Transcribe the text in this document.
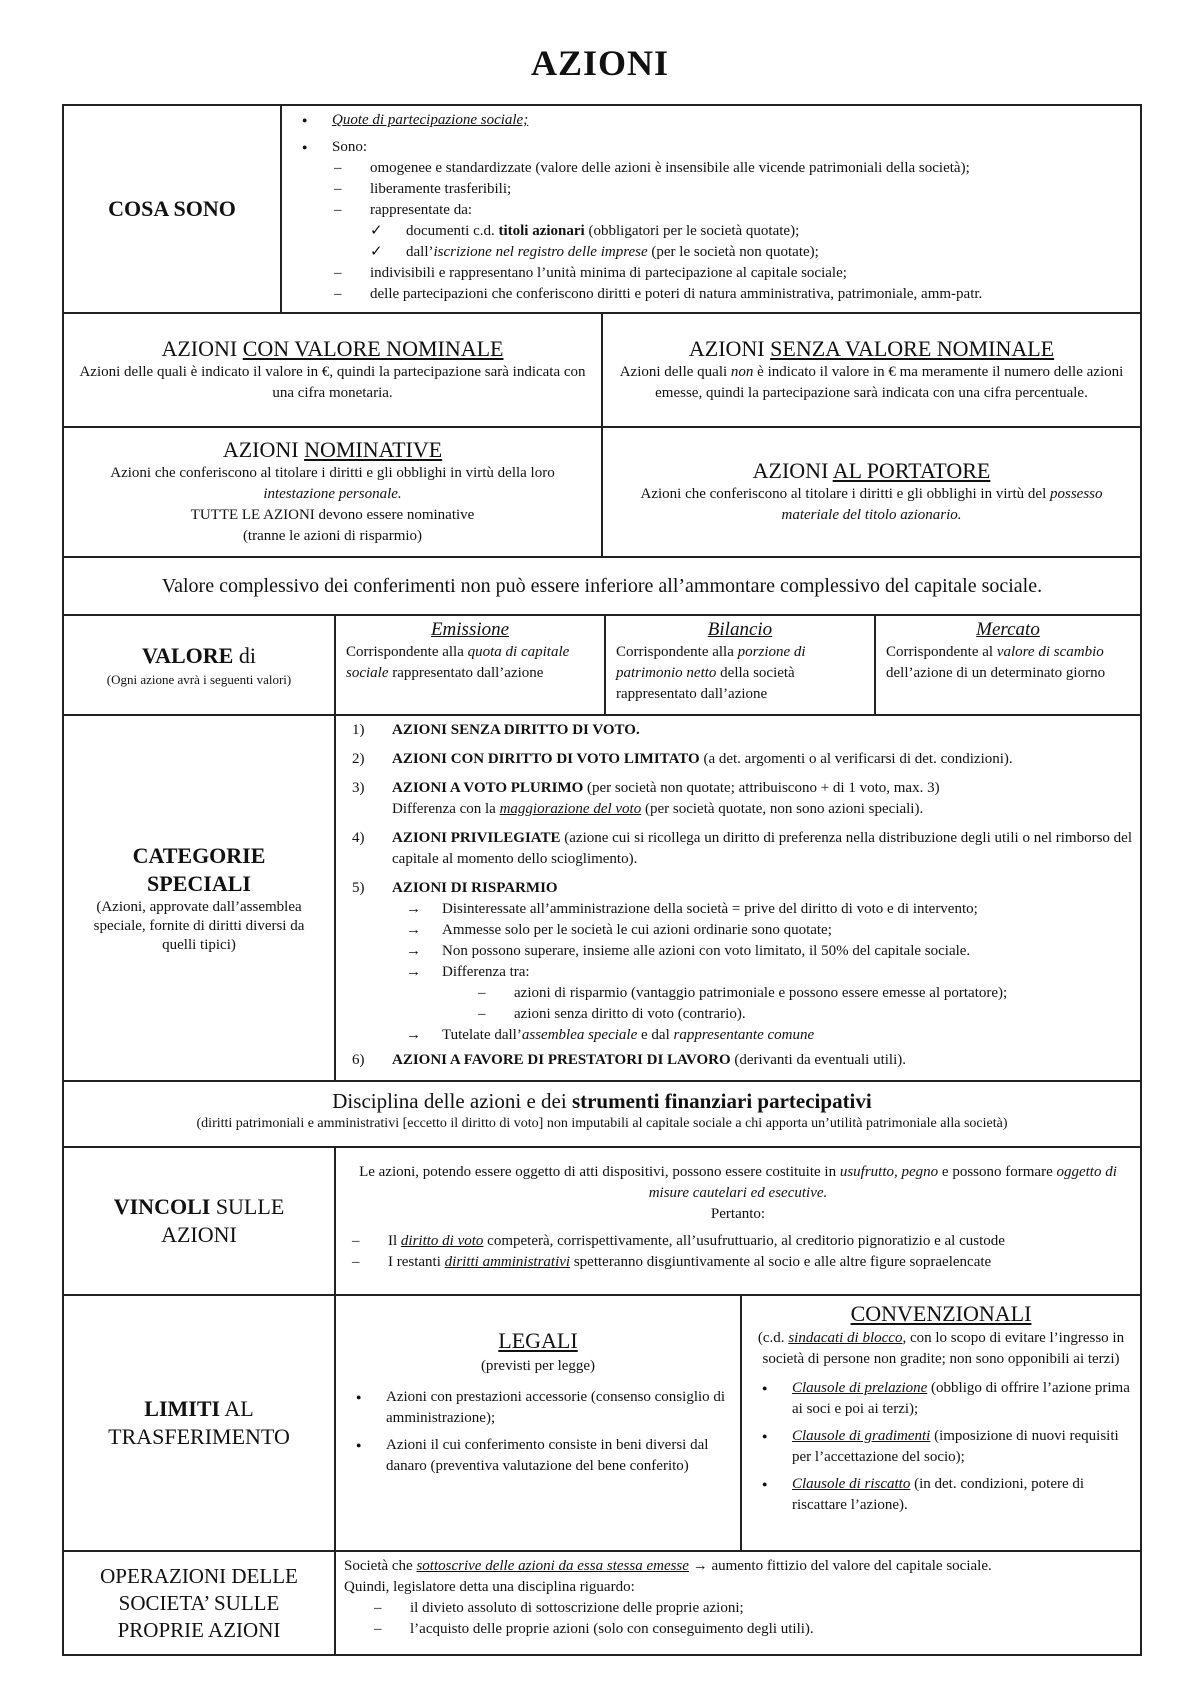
AZIONI
COSA SONO
● Quote di partecipazione sociale;
● Sono:
– omogenee e standardizzate (valore delle azioni è insensibile alle vicende patrimoniali della società);
– liberamente trasferibili;
– rappresentate da:
✓ documenti c.d. titoli azionari (obbligatori per le società quotate);
✓ dall’iscrizione nel registro delle imprese (per le società non quotate);
– indivisibili e rappresentano l’unità minima di partecipazione al capitale sociale;
– delle partecipazioni che conferiscono diritti e poteri di natura amministrativa, patrimoniale, amm-patr.
AZIONI CON VALORE NOMINALE
Azioni delle quali è indicato il valore in €, quindi la partecipazione sarà indicata con una cifra monetaria.
AZIONI SENZA VALORE NOMINALE
Azioni delle quali non è indicato il valore in € ma meramente il numero delle azioni emesse, quindi la partecipazione sarà indicata con una cifra percentuale.
AZIONI NOMINATIVE
Azioni che conferiscono al titolare i diritti e gli obblighi in virtù della loro intestazione personale.
TUTTE LE AZIONI devono essere nominative
(tranne le azioni di risparmio)
AZIONI AL PORTATORE
Azioni che conferiscono al titolare i diritti e gli obblighi in virtù del possesso materiale del titolo azionario.
Valore complessivo dei conferimenti non può essere inferiore all’ammontare complessivo del capitale sociale.
VALORE di
(Ogni azione avrà i seguenti valori)
Emissione
Corrispondente alla quota di capitale sociale rappresentato dall’azione
Bilancio
Corrispondente alla porzione di patrimonio netto della società rappresentato dall’azione
Mercato
Corrispondente al valore di scambio dell’azione di un determinato giorno
CATEGORIE SPECIALI
(Azioni, approvate dall’assemblea speciale, fornite di diritti diversi da quelli tipici)
1) AZIONI SENZA DIRITTO DI VOTO.
2) AZIONI CON DIRITTO DI VOTO LIMITATO (a det. argomenti o al verificarsi di det. condizioni).
3) AZIONI A VOTO PLURIMO (per società non quotate; attribuiscono + di 1 voto, max. 3)
Differenza con la maggiorazione del voto (per società quotate, non sono azioni speciali).
4) AZIONI PRIVILEGIATE (azione cui si ricollega un diritto di preferenza nella distribuzione degli utili o nel rimborso del capitale al momento dello scioglimento).
5) AZIONI DI RISPARMIO
→ Disinteressate all’amministrazione della società = prive del diritto di voto e di intervento;
→ Ammesse solo per le società le cui azioni ordinarie sono quotate;
→ Non possono superare, insieme alle azioni con voto limitato, il 50% del capitale sociale.
→ Differenza tra:
– azioni di risparmio (vantaggio patrimoniale e possono essere emesse al portatore);
– azioni senza diritto di voto (contrario).
→ Tutelate dall’assemblea speciale e dal rappresentante comune
6) AZIONI A FAVORE DI PRESTATORI DI LAVORO (derivanti da eventuali utili).
Disciplina delle azioni e dei strumenti finanziari partecipativi
(diritti patrimoniali e amministrativi [eccetto il diritto di voto] non imputabili al capitale sociale a chi apporta un’utilità patrimoniale alla società)
VINCOLI SULLE AZIONI
Le azioni, potendo essere oggetto di atti dispositivi, possono essere costituite in usufrutto, pegno e possono formare oggetto di misure cautelari ed esecutive.
Pertanto:
– Il diritto di voto competerà, corrispettivamente, all’usufruttuario, al creditorio pignoratizio e al custode
– I restanti diritti amministrativi spetteranno disgiuntivamente al socio e alle altre figure sopraelencate
LIMITI AL TRASFERIMENTO
LEGALI
(previsti per legge)
● Azioni con prestazioni accessorie (consenso consiglio di amministrazione);
● Azioni il cui conferimento consiste in beni diversi dal danaro (preventiva valutazione del bene conferito)
CONVENZIONALI
(c.d. sindacati di blocco, con lo scopo di evitare l’ingresso in società di persone non gradite; non sono opponibili ai terzi)
● Clausole di prelazione (obbligo di offrire l’azione prima ai soci e poi ai terzi);
● Clausole di gradimenti (imposizione di nuovi requisiti per l’accettazione del socio);
● Clausole di riscatto (in det. condizioni, potere di riscattare l’azione).
OPERAZIONI DELLE SOCIETA’ SULLE PROPRIE AZIONI
Società che sottoscrive delle azioni da essa stessa emesse → aumento fittizio del valore del capitale sociale.
Quindi, legislatore detta una disciplina riguardo:
– il divieto assoluto di sottoscrizione delle proprie azioni;
– l’acquisto delle proprie azioni (solo con conseguimento degli utili).
